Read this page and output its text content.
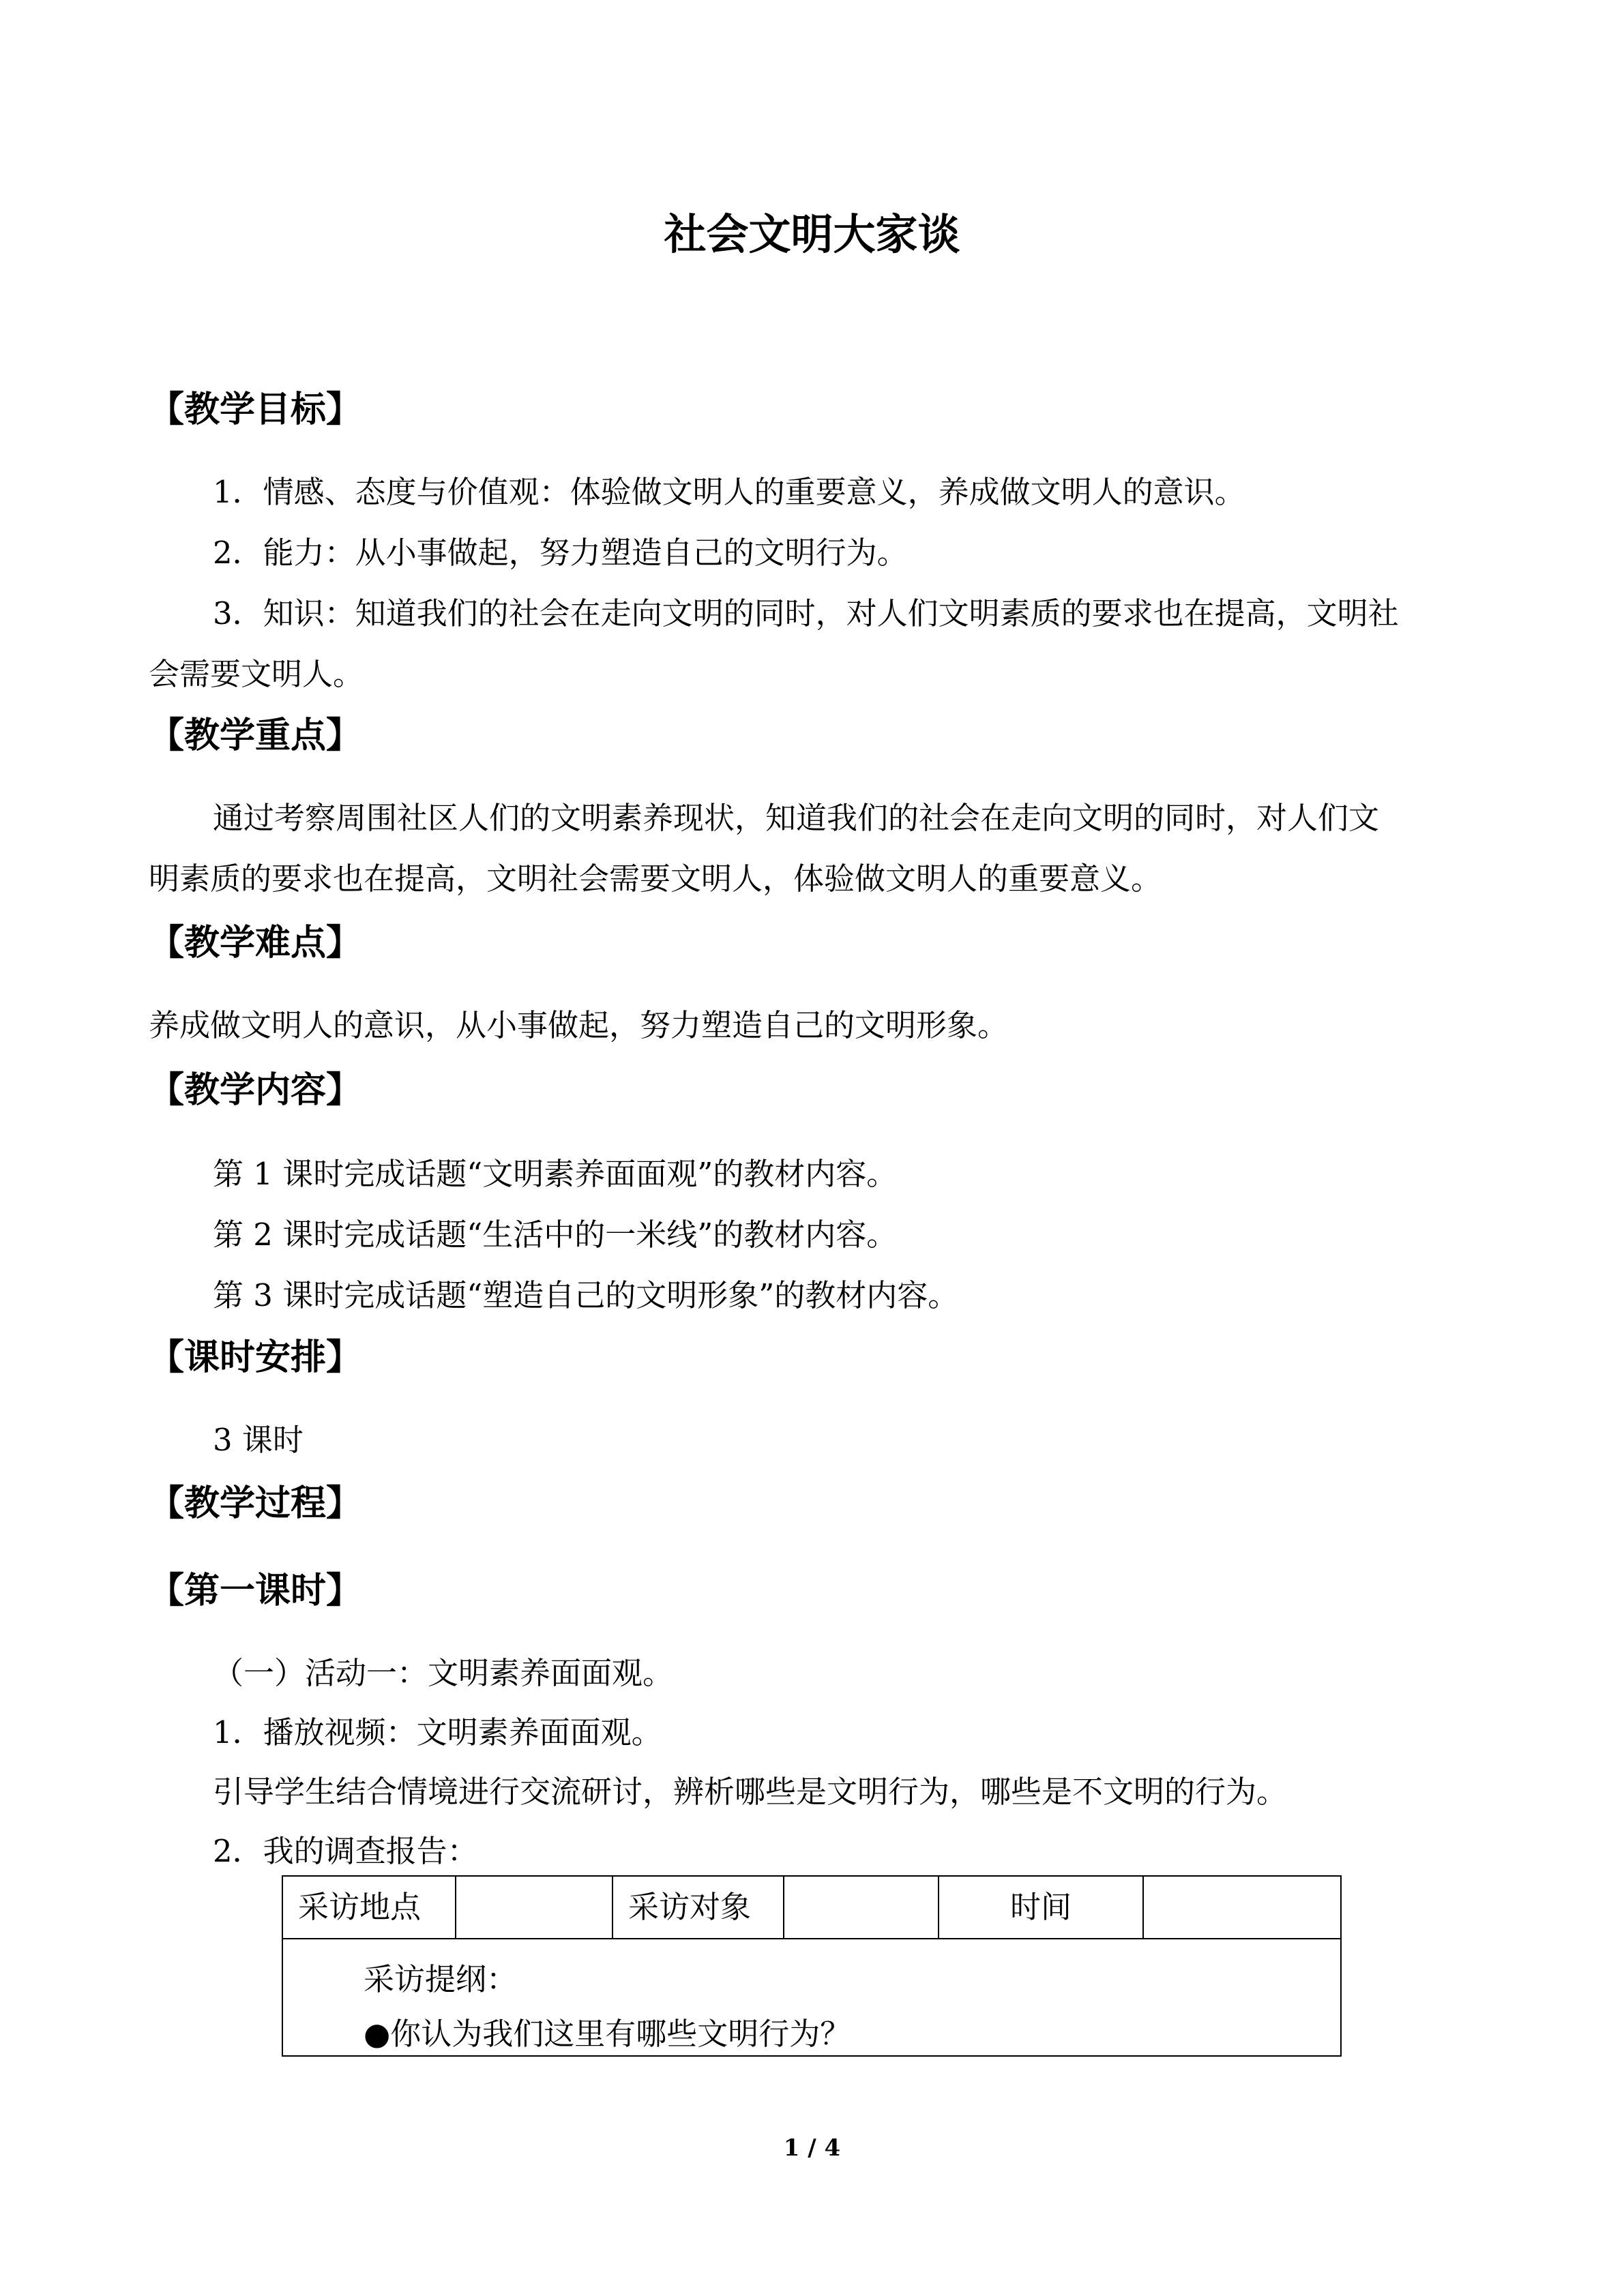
社会文明大家谈
【教学目标】
1．情感、态度与价值观：体验做文明人的重要意义，养成做文明人的意识。
2．能力：从小事做起，努力塑造自己的文明行为。
3．知识：知道我们的社会在走向文明的同时，对人们文明素质的要求也在提高，文明社
会需要文明人。
【教学重点】
通过考察周围社区人们的文明素养现状，知道我们的社会在走向文明的同时，对人们文
明素质的要求也在提高，文明社会需要文明人，体验做文明人的重要意义。
【教学难点】
养成做文明人的意识，从小事做起，努力塑造自己的文明形象。
【教学内容】
第 1 课时完成话题“文明素养面面观”的教材内容。
第 2 课时完成话题“生活中的一米线”的教材内容。
第 3 课时完成话题“塑造自己的文明形象”的教材内容。
【课时安排】
3 课时
【教学过程】
【第一课时】
（一）活动一：文明素养面面观。
1．播放视频：文明素养面面观。
引导学生结合情境进行交流研讨，辨析哪些是文明行为，哪些是不文明的行为。
2．我的调查报告：
采访地点	采访对象	时间
采访提纲：
●你认为我们这里有哪些文明行为？
1 / 4
